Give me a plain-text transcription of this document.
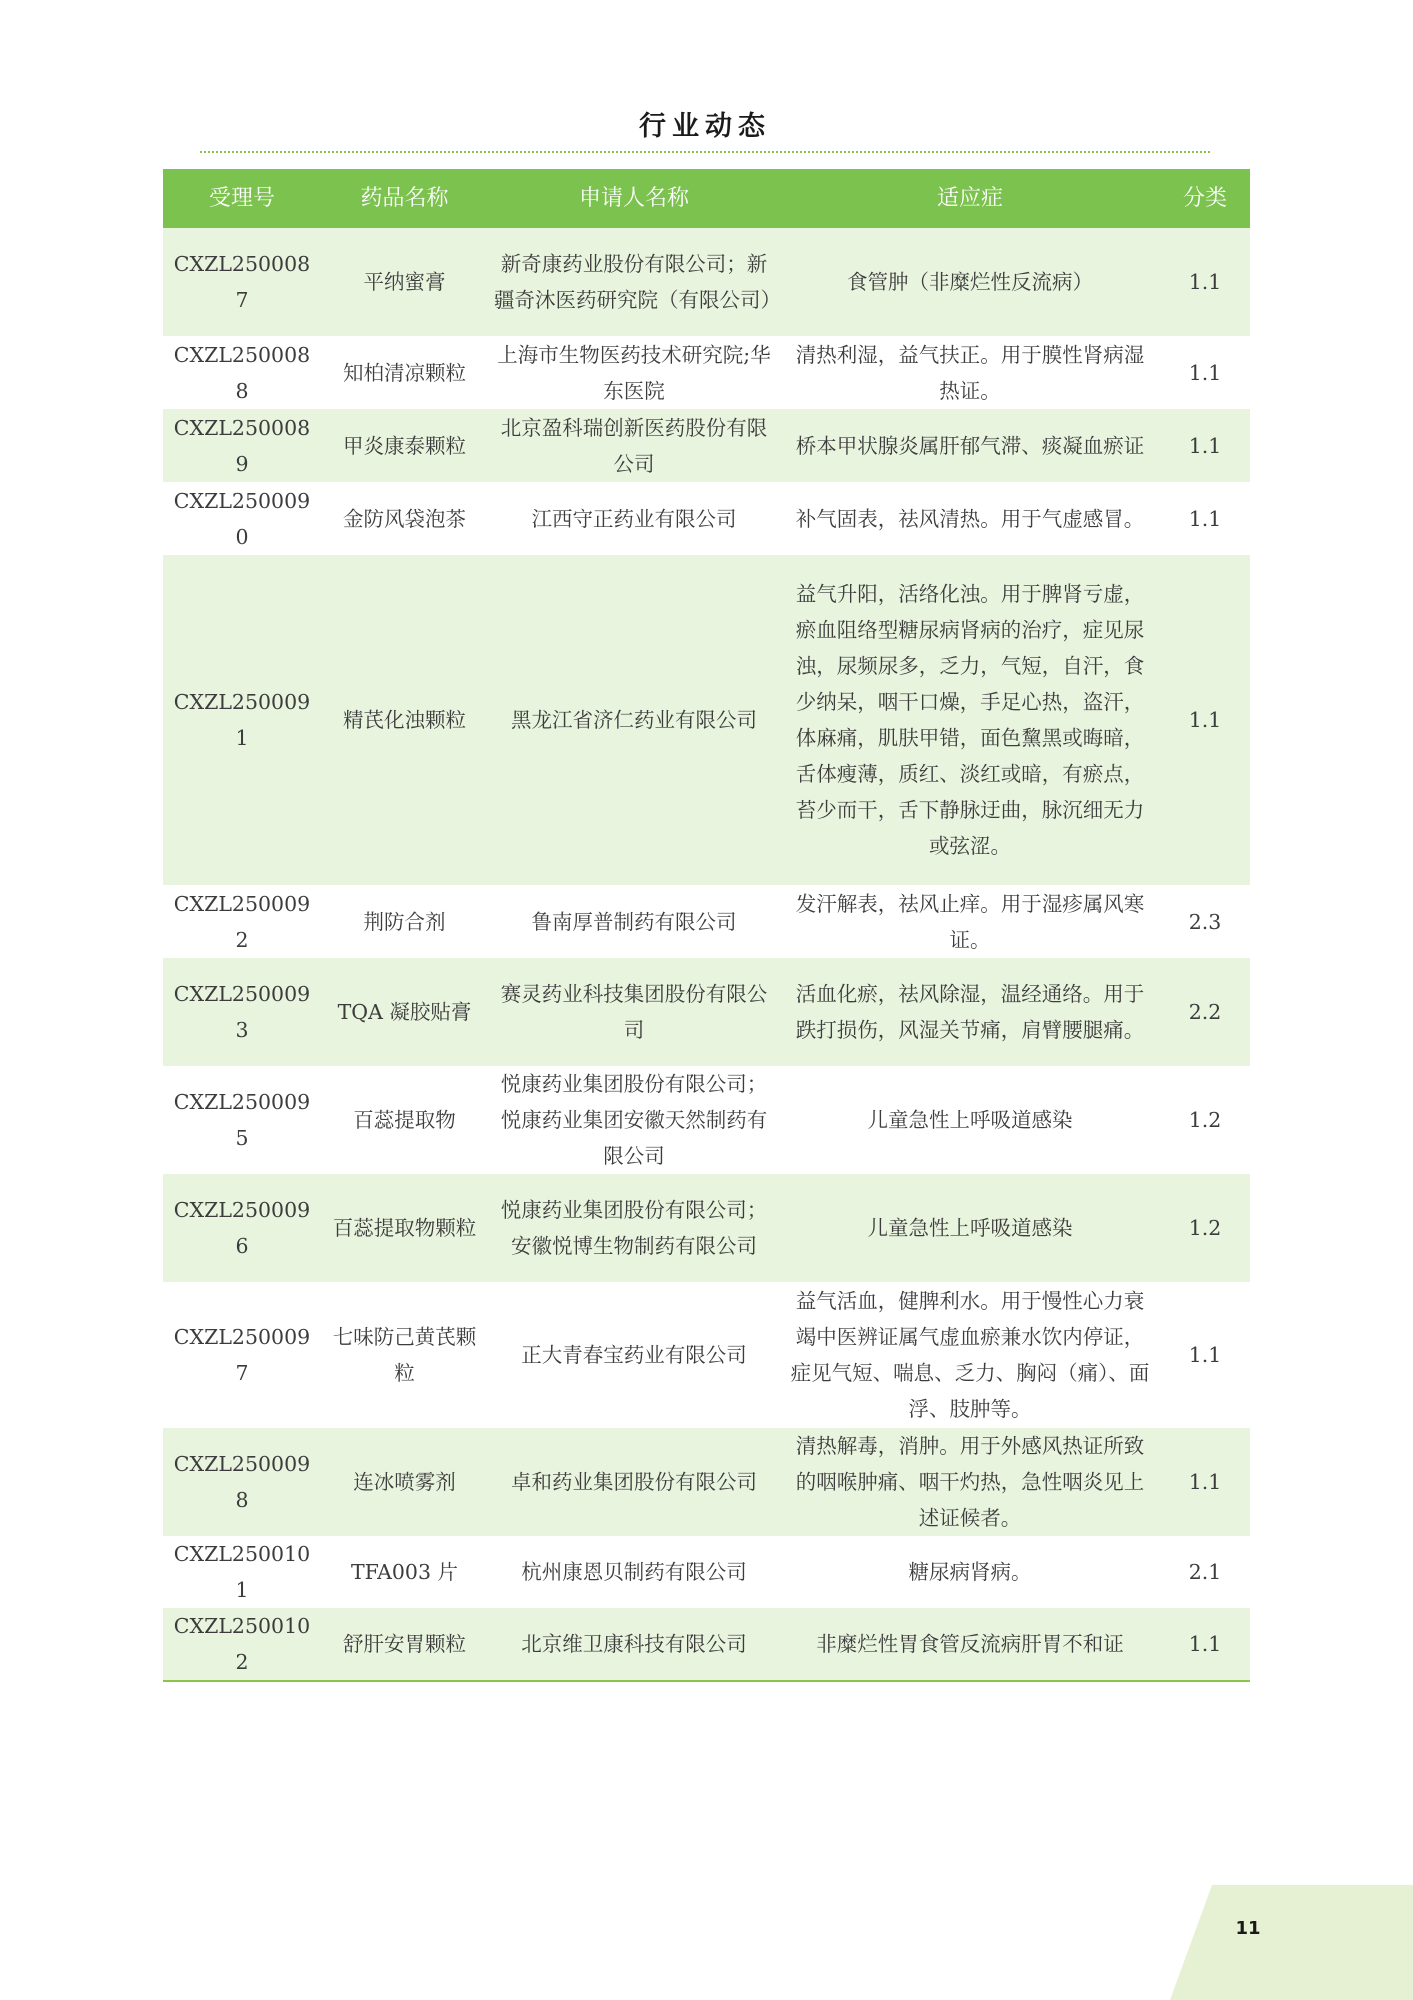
行业动态
受理号	药品名称	申请人名称	适应症	分类
CXZL2500087	平纳蜜膏	新奇康药业股份有限公司；新疆奇沐医药研究院（有限公司）	食管肿（非糜烂性反流病）	1.1
CXZL2500088	知柏清凉颗粒	上海市生物医药技术研究院;华东医院	清热利湿，益气扶正。用于膜性肾病湿热证。	1.1
CXZL2500089	甲炎康泰颗粒	北京盈科瑞创新医药股份有限公司	桥本甲状腺炎属肝郁气滞、痰凝血瘀证	1.1
CXZL2500090	金防风袋泡茶	江西守正药业有限公司	补气固表，祛风清热。用于气虚感冒。	1.1
CXZL2500091	精芪化浊颗粒	黑龙江省济仁药业有限公司	益气升阳，活络化浊。用于脾肾亏虚，瘀血阻络型糖尿病肾病的治疗，症见尿浊，尿频尿多，乏力，气短，自汗，食少纳呆，咽干口燥，手足心热，盗汗，体麻痛，肌肤甲错，面色黧黑或晦暗，舌体瘦薄，质红、淡红或暗，有瘀点，苔少而干，舌下静脉迂曲，脉沉细无力或弦涩。	1.1
CXZL2500092	荆防合剂	鲁南厚普制药有限公司	发汗解表，祛风止痒。用于湿疹属风寒证。	2.3
CXZL2500093	TQA 凝胶贴膏	赛灵药业科技集团股份有限公司	活血化瘀，祛风除湿，温经通络。用于跌打损伤，风湿关节痛，肩臂腰腿痛。	2.2
CXZL2500095	百蕊提取物	悦康药业集团股份有限公司；悦康药业集团安徽天然制药有限公司	儿童急性上呼吸道感染	1.2
CXZL2500096	百蕊提取物颗粒	悦康药业集团股份有限公司；安徽悦博生物制药有限公司	儿童急性上呼吸道感染	1.2
CXZL2500097	七味防己黄芪颗粒	正大青春宝药业有限公司	益气活血，健脾利水。用于慢性心力衰竭中医辨证属气虚血瘀兼水饮内停证，症见气短、喘息、乏力、胸闷（痛）、面浮、肢肿等。	1.1
CXZL2500098	连冰喷雾剂	卓和药业集团股份有限公司	清热解毒，消肿。用于外感风热证所致的咽喉肿痛、咽干灼热，急性咽炎见上述证候者。	1.1
CXZL2500101	TFA003 片	杭州康恩贝制药有限公司	糖尿病肾病。	2.1
CXZL2500102	舒肝安胃颗粒	北京维卫康科技有限公司	非糜烂性胃食管反流病肝胃不和证	1.1
11
